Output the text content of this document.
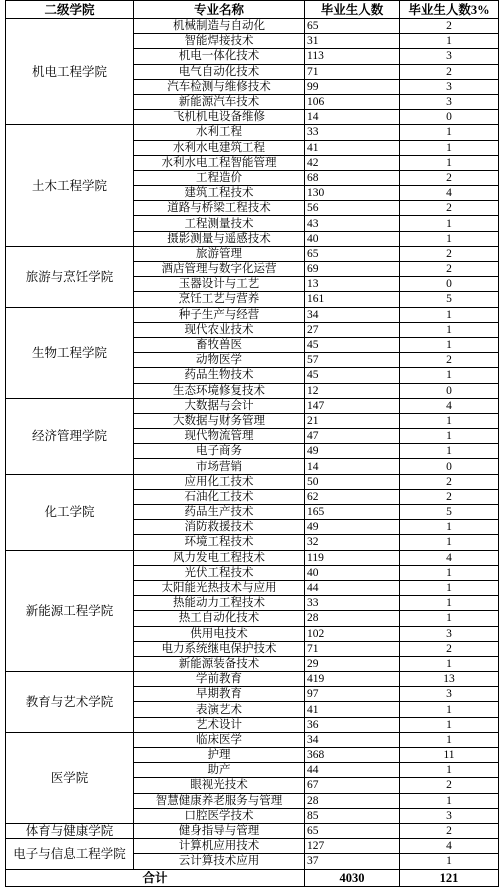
二级学院	专业名称	毕业生人数	毕业生人数3%
机电工程学院	机械制造与自动化	65	2
	智能焊接技术	31	1
	机电一体化技术	113	3
	电气自动化技术	71	2
	汽车检测与维修技术	99	3
	新能源汽车技术	106	3
	飞机机电设备维修	14	0
土木工程学院	水利工程	33	1
	水利水电建筑工程	41	1
	水利水电工程智能管理	42	1
	工程造价	68	2
	建筑工程技术	130	4
	道路与桥梁工程技术	56	2
	工程测量技术	43	1
	摄影测量与遥感技术	40	1
旅游与烹饪学院	旅游管理	65	2
	酒店管理与数字化运营	69	2
	玉器设计与工艺	13	0
	烹饪工艺与营养	161	5
生物工程学院	种子生产与经营	34	1
	现代农业技术	27	1
	畜牧兽医	45	1
	动物医学	57	2
	药品生物技术	45	1
	生态环境修复技术	12	0
经济管理学院	大数据与会计	147	4
	大数据与财务管理	21	1
	现代物流管理	47	1
	电子商务	49	1
	市场营销	14	0
化工学院	应用化工技术	50	2
	石油化工技术	62	2
	药品生产技术	165	5
	消防救援技术	49	1
	环境工程技术	32	1
新能源工程学院	风力发电工程技术	119	4
	光伏工程技术	40	1
	太阳能光热技术与应用	44	1
	热能动力工程技术	33	1
	热工自动化技术	28	1
	供用电技术	102	3
	电力系统继电保护技术	71	2
	新能源装备技术	29	1
教育与艺术学院	学前教育	419	13
	早期教育	97	3
	表演艺术	41	1
	艺术设计	36	1
医学院	临床医学	34	1
	护理	368	11
	助产	44	1
	眼视光技术	67	2
	智慧健康养老服务与管理	28	1
	口腔医学技术	85	3
体育与健康学院	健身指导与管理	65	2
电子与信息工程学院	计算机应用技术	127	4
	云计算技术应用	37	1
合计		4030	121
